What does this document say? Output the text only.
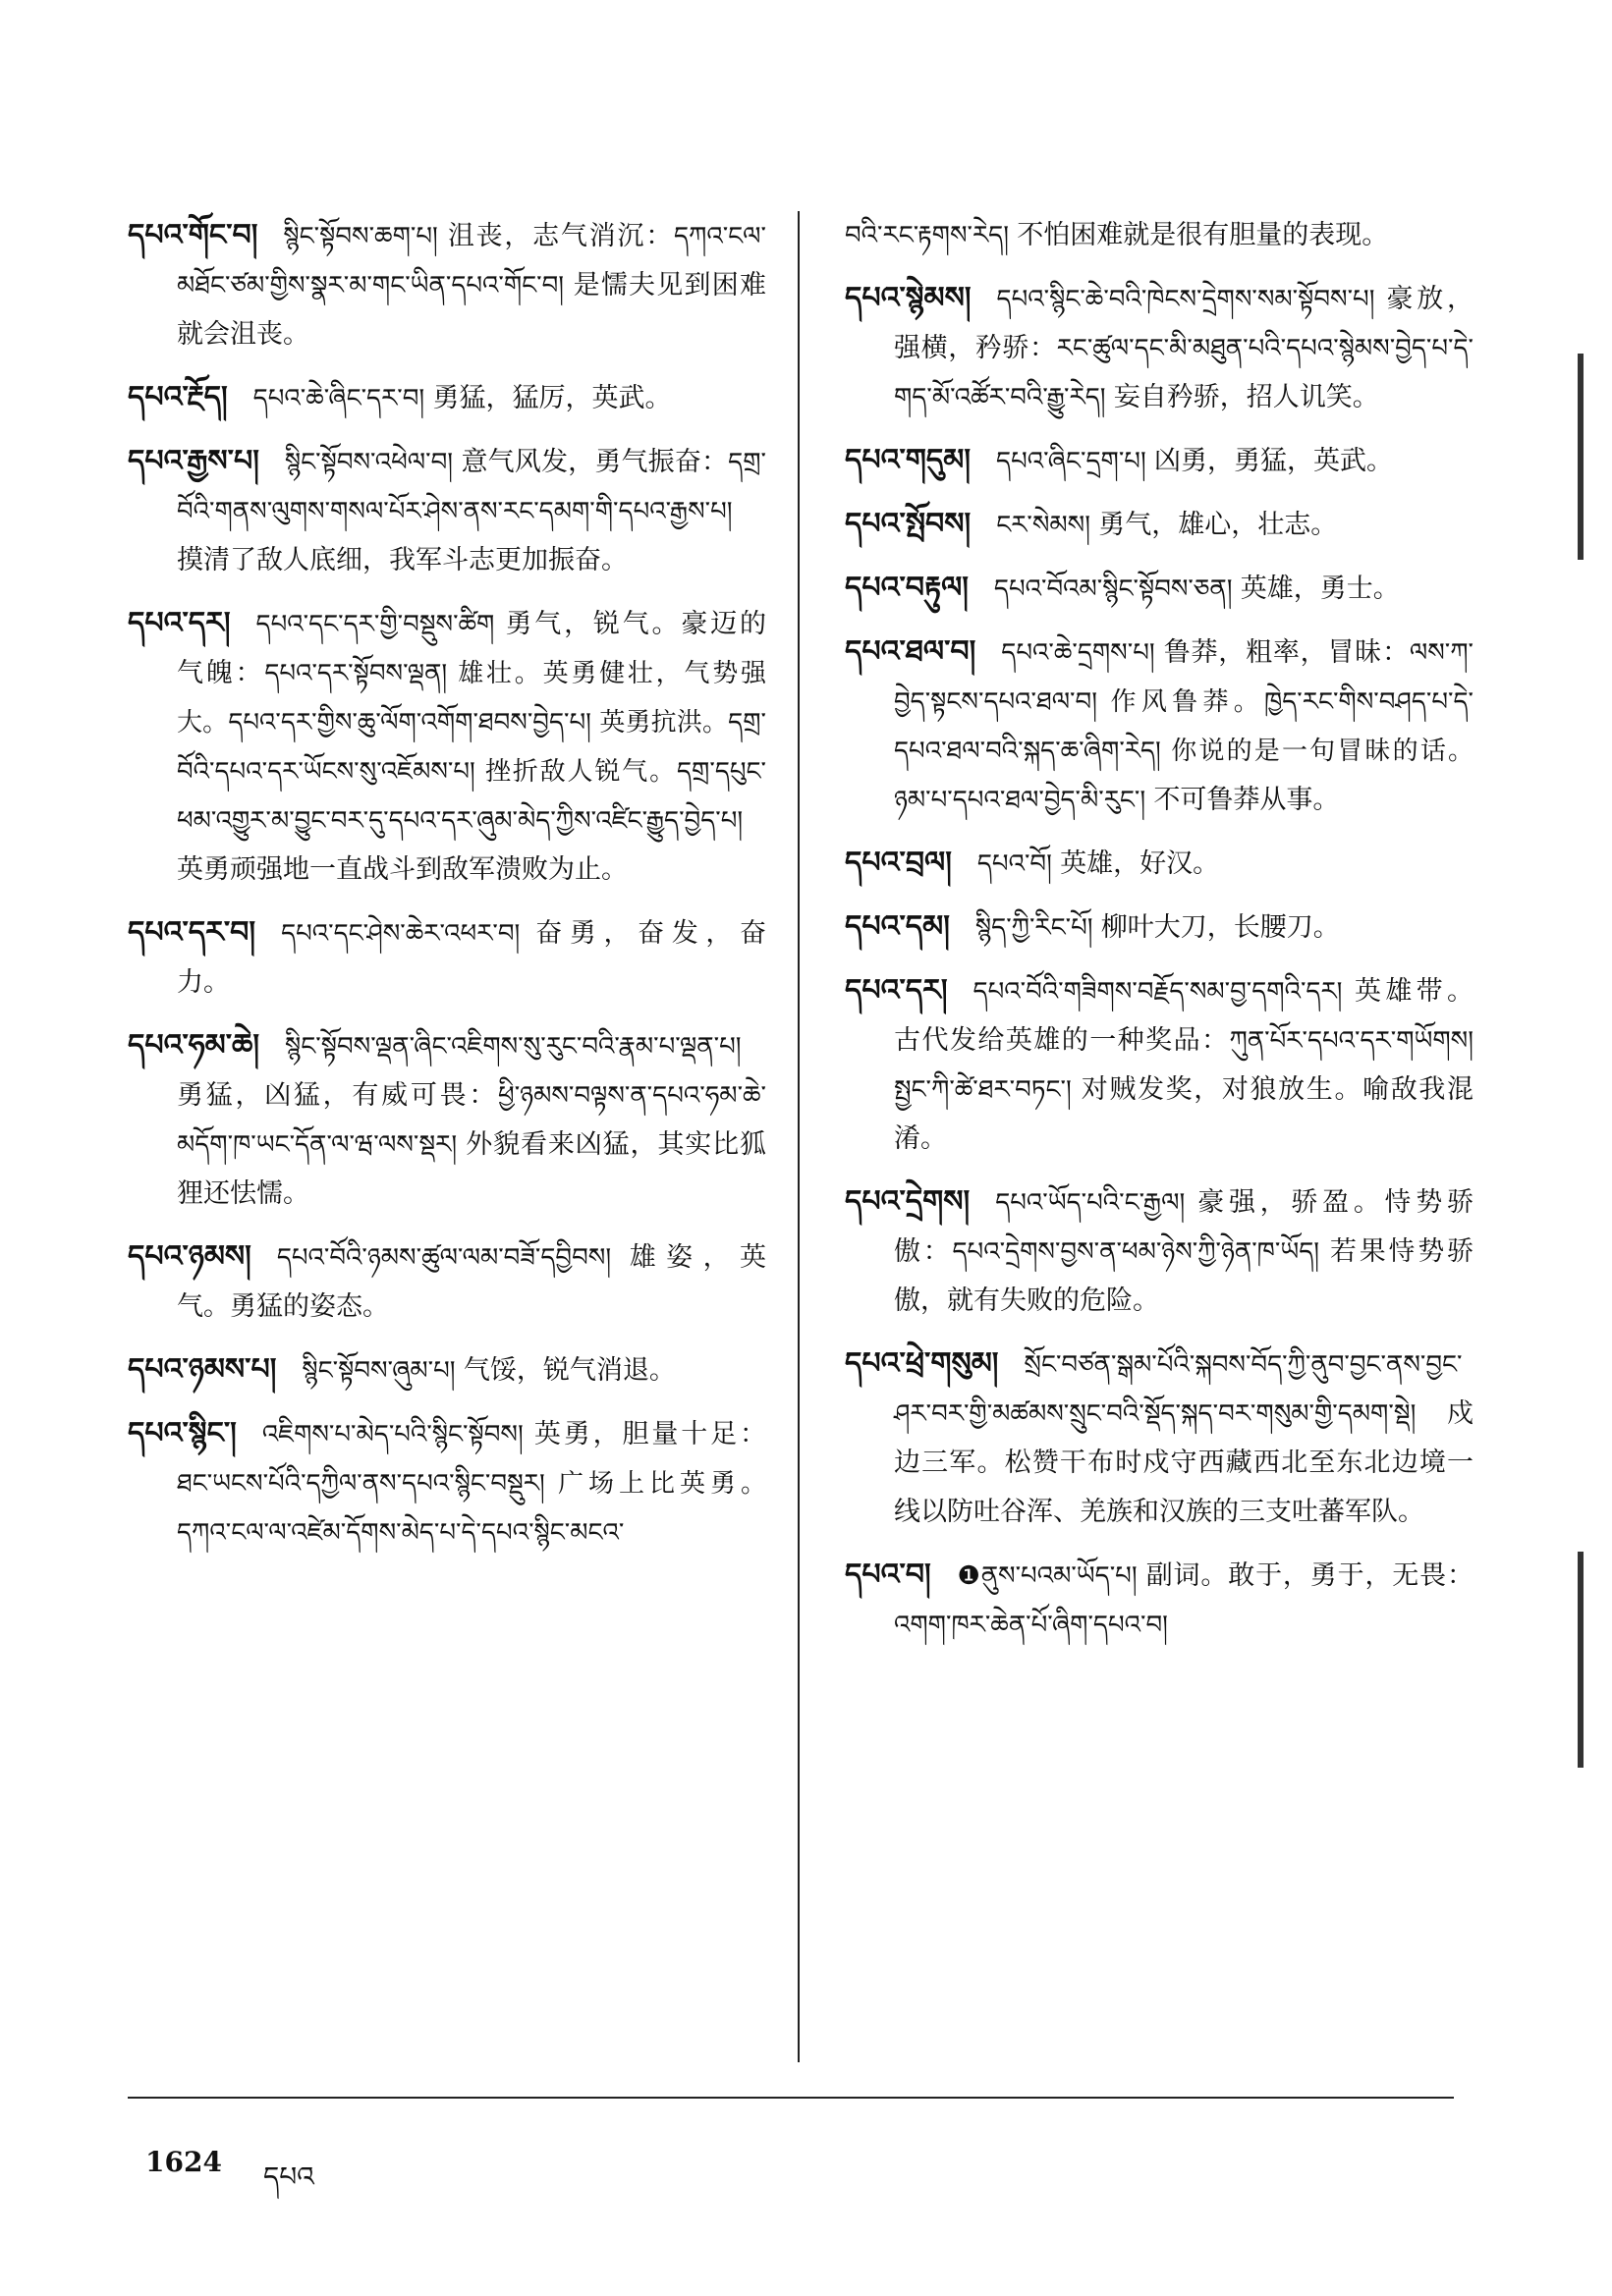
དཔའ་གོང་བ། སྙིང་སྟོབས་ཆག་པ། 沮丧，志气消沉：དཀའ་ངལ་མཐོང་ཙམ་གྱིས་སྣར་མ་གང་ཡིན་དཔའ་གོང་བ། 是懦夫见到困难就会沮丧。
དཔའ་རྔོད། དཔའ་ཆེ་ཞིང་དར་བ། 勇猛，猛厉，英武。
དཔའ་རྒྱས་པ། སྙིང་སྟོབས་འཕེལ་བ། 意气风发，勇气振奋：དགྲ་བོའི་གནས་ལུགས་གསལ་པོར་ཤེས་ནས་རང་དམག་གི་དཔའ་རྒྱས་པ། 摸清了敌人底细，我军斗志更加振奋。
དཔའ་དར། དཔའ་དང་དར་གྱི་བསྡུས་ཚིག 勇气，锐气。豪迈的气魄：དཔའ་དར་སྟོབས་ལྡན། 雄壮。英勇健壮，气势强大。དཔའ་དར་གྱིས་ཆུ་ལོག་འགོག་ཐབས་བྱེད་པ། 英勇抗洪。དགྲ་བོའི་དཔའ་དར་ཡོངས་སུ་འཇོམས་པ། 挫折敌人锐气。དགྲ་དཔུང་ཕམ་འགྱུར་མ་བྱུང་བར་དུ་དཔའ་དར་ཞུམ་མེད་ཀྱིས་འཛིང་རྒྱུད་བྱེད་པ། 英勇顽强地一直战斗到敌军溃败为止。
དཔའ་དར་བ། དཔའ་དང་ཤེས་ཆེར་འཕར་བ། 奋勇，奋发，奋力。
དཔའ་ཧམ་ཆེ། སྙིང་སྟོབས་ལྡན་ཞིང་འཇིགས་སུ་རུང་བའི་རྣམ་པ་ལྡན་པ། 勇猛，凶猛，有威可畏：ཕྱི་ཉམས་བལྟས་ན་དཔའ་ཧམ་ཆེ་མདོག་ཁ་ཡང་དོན་ལ་ཝ་ལས་སྡར། 外貌看来凶猛，其实比狐狸还怯懦。
དཔའ་ཉམས། དཔའ་བོའི་ཉམས་ཚུལ་ལམ་བཟོ་དབྱིབས། 雄姿，英气。勇猛的姿态。
དཔའ་ཉམས་པ། སྙིང་སྟོབས་ཞུམ་པ། 气馁，锐气消退。
དཔའ་སྙིང་། འཇིགས་པ་མེད་པའི་སྙིང་སྟོབས། 英勇，胆量十足：ཐང་ཡངས་པོའི་དཀྱིལ་ནས་དཔའ་སྙིང་བསྡུར། 广场上比英勇。དཀའ་ངལ་ལ་འཛེམ་དོགས་མེད་པ་དེ་དཔའ་སྙིང་མངའ་
བའི་རང་རྟགས་རེད། 不怕困难就是很有胆量的表现。
དཔའ་སྙེམས། དཔའ་སྙིང་ཆེ་བའི་ཁེངས་དྲེགས་སམ་སྟོབས་པ། 豪放，强横，矜骄：རང་ཚུལ་དང་མི་མཐུན་པའི་དཔའ་སྙེམས་བྱེད་པ་དེ་གད་མོ་འཚོར་བའི་རྒྱུ་རེད། 妄自矜骄，招人讥笑。
དཔའ་གདུམ། དཔའ་ཞིང་དྲག་པ། 凶勇，勇猛，英武。
དཔའ་སྤོབས། ངར་སེམས། 勇气，雄心，壮志。
དཔའ་བརྟུལ། དཔའ་བོའམ་སྙིང་སྟོབས་ཅན། 英雄，勇士。
དཔའ་ཐལ་བ། དཔའ་ཆེ་དྲགས་པ། 鲁莽，粗率，冒昧：ལས་ཀ་བྱེད་སྟངས་དཔའ་ཐལ་བ། 作风鲁莽。ཁྱེད་རང་གིས་བཤད་པ་དེ་དཔའ་ཐལ་བའི་སྐད་ཆ་ཞིག་རེད། 你说的是一句冒昧的话。ཉམ་པ་དཔའ་ཐལ་བྱེད་མི་རུང་། 不可鲁莽从事。
དཔའ་བྲལ། དཔའ་བོ། 英雄，好汉。
དཔའ་དམ། སྙིད་ཀྱི་རིང་པོ། 柳叶大刀，长腰刀。
དཔའ་དར། དཔའ་བོའི་གཟིགས་བརྗོད་སམ་བྱ་དགའི་དར། 英雄带。古代发给英雄的一种奖品：ཀུན་པོར་དཔའ་དར་གཡོགས། སྤྱང་ཀི་ཚེ་ཐར་བཏང་། 对贼发奖，对狼放生。喻敌我混淆。
དཔའ་དྲེགས། དཔའ་ཡོད་པའི་ང་རྒྱལ། 豪强，骄盈。恃势骄傲：དཔའ་དྲེགས་བྱས་ན་ཕམ་ཉེས་ཀྱི་ཉེན་ཁ་ཡོད། 若果恃势骄傲，就有失败的危险。
དཔའ་ཕྲེ་གསུམ། སྲོང་བཙན་སྒམ་པོའི་སྐབས་བོད་ཀྱི་ནུབ་བྱང་ནས་བྱང་ཤར་བར་གྱི་མཚམས་སྲུང་བའི་སྡོད་སྐད་བར་གསུམ་གྱི་དམག་སྡེ། 戍边三军。松赞干布时戍守西藏西北至东北边境一线以防吐谷浑、羌族和汉族的三支吐蕃军队。
དཔའ་བ། ❶ནུས་པའམ་ཡོད་པ། 副词。敢于，勇于，无畏：འགག་ཁར་ཆེན་པོ་ཞིག་དཔའ་བ།
1624 དཔའ
